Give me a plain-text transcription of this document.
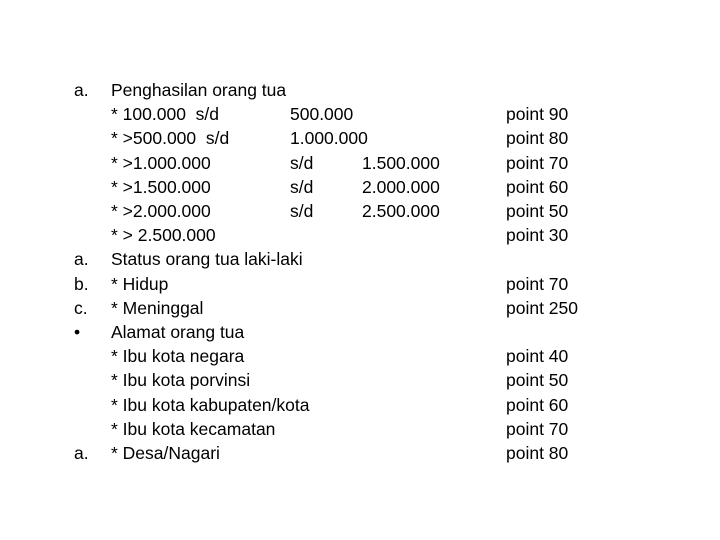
a. Penghasilan orang tua
* 100.000  s/d	500.000	point 90
* >500.000  s/d	1.000.000	point 80
* >1.000.000	s/d	1.500.000	point 70
* >1.500.000	s/d	2.000.000	point 60
* >2.000.000	s/d	2.500.000	point 50
* > 2.500.000	point 30
a. Status orang tua laki-laki
b. * Hidup	point 70
c. * Meninggal	point 250
• Alamat orang tua
* Ibu kota negara	point 40
* Ibu kota porvinsi	point 50
* Ibu kota kabupaten/kota	point 60
* Ibu kota kecamatan	point 70
a. * Desa/Nagari	point 80
